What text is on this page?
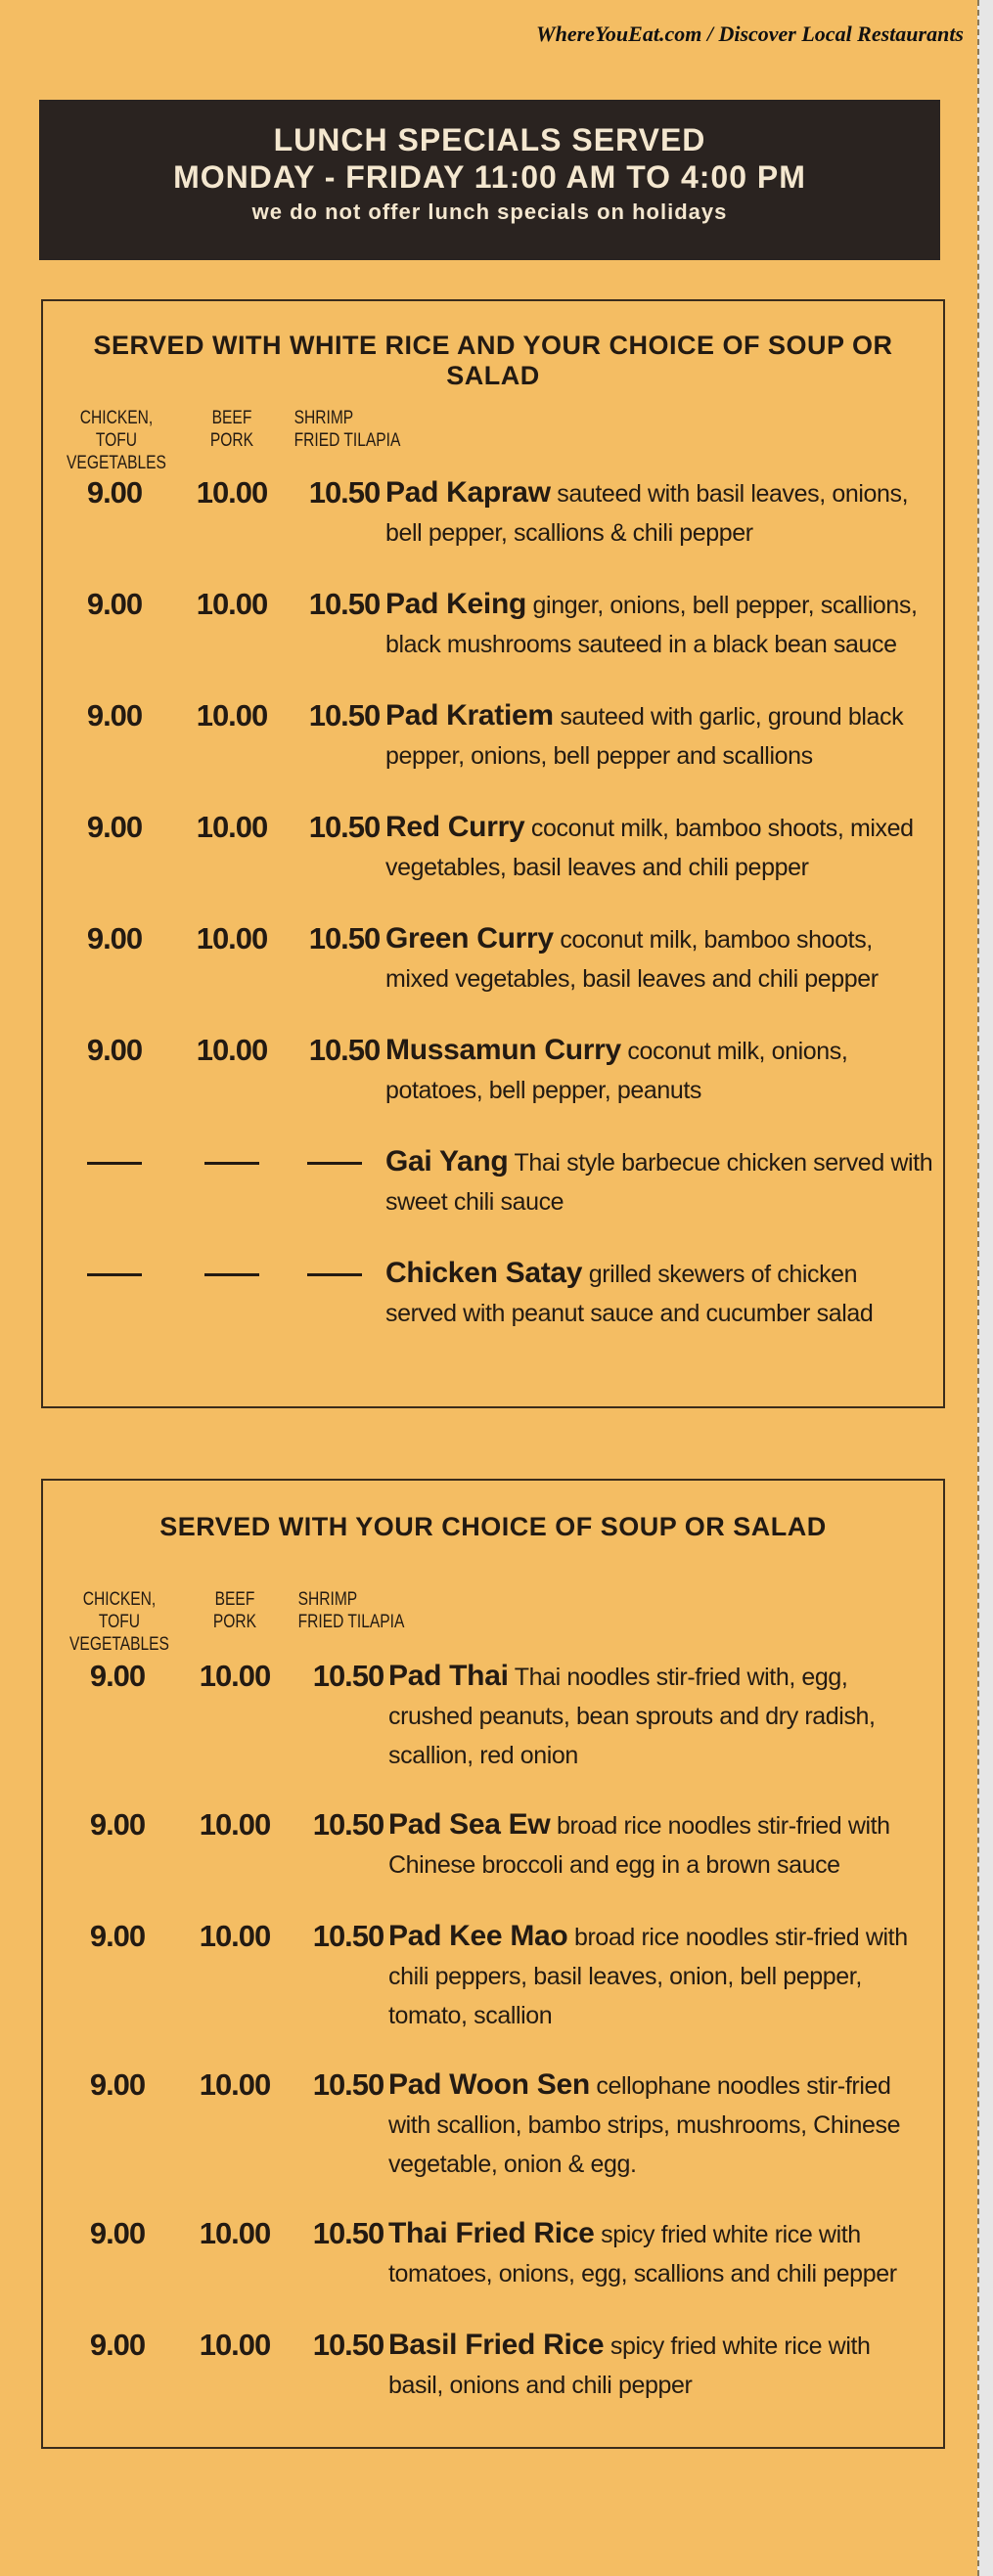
WhereYouEat.com / Discover Local Restaurants
LUNCH SPECIALS SERVED
MONDAY - FRIDAY 11:00 AM TO 4:00 PM
we do not offer lunch specials on holidays
SERVED WITH WHITE RICE AND YOUR CHOICE OF SOUP OR SALAD
CHICKEN, TOFU
VEGETABLES
BEEF
PORK
SHRIMP
FRIED TILAPIA
9.00	10.00	10.50 Pad Kapraw sauteed with basil leaves, onions, bell pepper, scallions & chili pepper
9.00	10.00	10.50 Pad Keing ginger, onions, bell pepper, scallions, black mushrooms sauteed in a black bean sauce
9.00	10.00	10.50 Pad Kratiem sauteed with garlic, ground black pepper, onions, bell pepper and scallions
9.00	10.00	10.50 Red Curry coconut milk, bamboo shoots, mixed vegetables, basil leaves and chili pepper
9.00	10.00	10.50 Green Curry coconut milk, bamboo shoots, mixed vegetables, basil leaves and chili pepper
9.00	10.00	10.50 Mussamun Curry coconut milk, onions, potatoes, bell pepper, peanuts
Gai Yang Thai style barbecue chicken served with sweet chili sauce
Chicken Satay grilled skewers of chicken served with peanut sauce and cucumber salad
SERVED WITH YOUR CHOICE OF SOUP OR SALAD
CHICKEN, TOFU
VEGETABLES
BEEF
PORK
SHRIMP
FRIED TILAPIA
9.00	10.00	10.50 Pad Thai Thai noodles stir-fried with, egg, crushed peanuts, bean sprouts and dry radish, scallion, red onion
9.00	10.00	10.50 Pad Sea Ew broad rice noodles stir-fried with Chinese broccoli and egg in a brown sauce
9.00	10.00	10.50 Pad Kee Mao broad rice noodles stir-fried with chili peppers, basil leaves, onion, bell pepper, tomato, scallion
9.00	10.00	10.50 Pad Woon Sen cellophane noodles stir-fried with scallion, bambo strips, mushrooms, Chinese vegetable, onion & egg.
9.00	10.00	10.50 Thai Fried Rice spicy fried white rice with tomatoes, onions, egg, scallions and chili pepper
9.00	10.00	10.50 Basil Fried Rice spicy fried white rice with basil, onions and chili pepper
